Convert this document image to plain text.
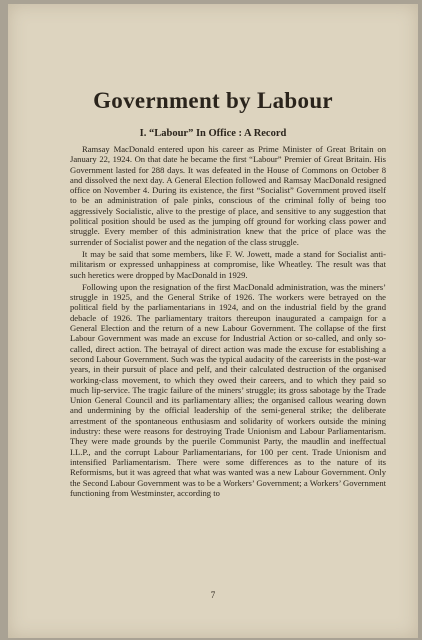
Government by Labour
I. “Labour” In Office : A Record

Ramsay MacDonald entered upon his career as Prime Minister of Great Britain on January 22, 1924. On that date he became the first “Labour” Premier of Great Britain. His Government lasted for 288 days. It was defeated in the House of Commons on October 8 and dissolved the next day. A General Election followed and Ramsay MacDonald resigned office on November 4. During its existence, the first “Socialist” Government proved itself to be an administration of pale pinks, conscious of the criminal folly of being too aggressively Socialistic, alive to the prestige of place, and sensitive to any suggestion that political position should be used as the jumping off ground for working class power and struggle. Every member of this administration knew that the price of place was the surrender of Socialist power and the negation of the class struggle.

It may be said that some members, like F. W. Jowett, made a stand for Socialist anti-militarism or expressed unhappiness at compromise, like Wheatley. The result was that such heretics were dropped by MacDonald in 1929.

Following upon the resignation of the first MacDonald administration, was the miners’ struggle in 1925, and the General Strike of 1926. The workers were betrayed on the political field by the parliamentarians in 1924, and on the industrial field by the grand debacle of 1926. The parliamentary traitors thereupon inaugurated a campaign for a General Election and the return of a new Labour Government. The collapse of the first Labour Government was made an excuse for Industrial Action or so-called, and only so-called, direct action. The betrayal of direct action was made the excuse for establishing a second Labour Government. Such was the typical audacity of the careerists in the post-war years, in their pursuit of place and pelf, and their calculated destruction of the organised working-class movement, to which they owed their careers, and to which they paid so much lip-service. The tragic failure of the miners’ struggle; its gross sabotage by the Trade Union General Council and its parliamentary allies; the organised callous wearing down and undermining by the official leadership of the semi-general strike; the deliberate arrestment of the spontaneous enthusiasm and solidarity of workers outside the mining industry: these were reasons for destroying Trade Unionism and Labour Parliamentarism. They were made grounds by the puerile Communist Party, the maudlin and ineffectual I.L.P., and the corrupt Labour Parliamentarians, for 100 per cent. Trade Unionism and intensified Parliamentarism. There were some differences as to the nature of its Reformisms, but it was agreed that what was wanted was a new Labour Government. Only the Second Labour Government was to be a Workers’ Government; a Workers’ Government functioning from Westminster, according to

7
